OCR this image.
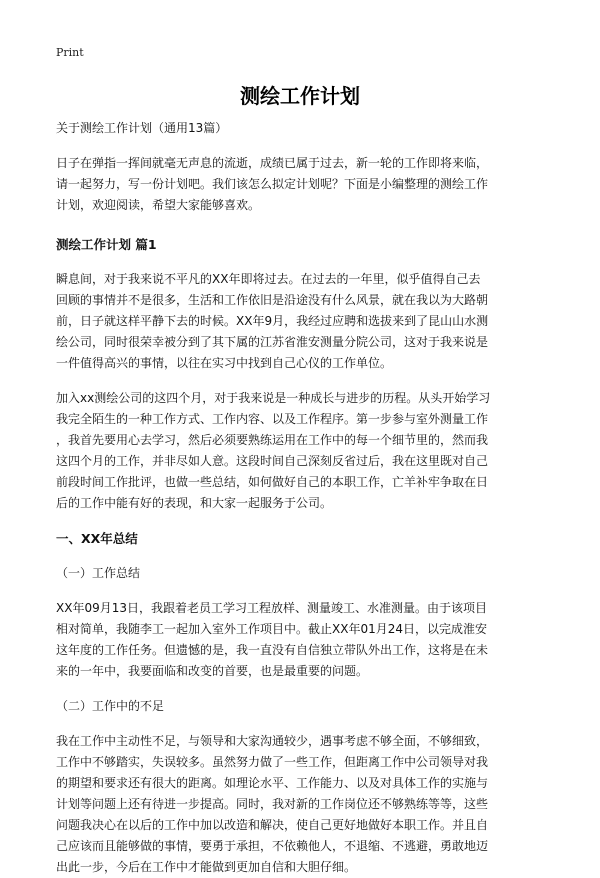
Print
测绘工作计划
关于测绘工作计划（通用13篇）
日子在弹指一挥间就毫无声息的流逝，成绩已属于过去，新一轮的工作即将来临，
请一起努力，写一份计划吧。我们该怎么拟定计划呢？下面是小编整理的测绘工作
计划，欢迎阅读，希望大家能够喜欢。
测绘工作计划 篇1
瞬息间，对于我来说不平凡的XX年即将过去。在过去的一年里，似乎值得自己去
回顾的事情并不是很多，生活和工作依旧是沿途没有什么风景，就在我以为大路朝
前，日子就这样平静下去的时候。XX年9月，我经过应聘和选拔来到了昆山山水测
绘公司，同时很荣幸被分到了其下属的江苏省淮安测量分院公司，这对于我来说是
一件值得高兴的事情，以往在实习中找到自己心仪的工作单位。
加入xx测绘公司的这四个月，对于我来说是一种成长与进步的历程。从头开始学习
我完全陌生的一种工作方式、工作内容、以及工作程序。第一步参与室外测量工作
，我首先要用心去学习，然后必须要熟练运用在工作中的每一个细节里的，然而我
这四个月的工作，并非尽如人意。这段时间自己深刻反省过后，我在这里既对自己
前段时间工作批评，也做一些总结，如何做好自己的本职工作，亡羊补牢争取在日
后的工作中能有好的表现，和大家一起服务于公司。
一、XX年总结
（一）工作总结
XX年09月13日，我跟着老员工学习工程放样、测量竣工、水准测量。由于该项目
相对简单，我随李工一起加入室外工作项目中。截止XX年01月24日，以完成淮安
这年度的工作任务。但遗憾的是，我一直没有自信独立带队外出工作，这将是在未
来的一年中，我要面临和改变的首要，也是最重要的问题。
（二）工作中的不足
我在工作中主动性不足，与领导和大家沟通较少，遇事考虑不够全面，不够细致，
工作中不够踏实，失误较多。虽然努力做了一些工作，但距离工作中公司领导对我
的期望和要求还有很大的距离。如理论水平、工作能力、以及对具体工作的实施与
计划等问题上还有待进一步提高。同时，我对新的工作岗位还不够熟练等等，这些
问题我决心在以后的工作中加以改造和解决，使自己更好地做好本职工作。并且自
己应该而且能够做的事情，要勇于承担，不依赖他人，不退缩、不逃避，勇敢地迈
出此一步，今后在工作中才能做到更加自信和大胆仔细。
